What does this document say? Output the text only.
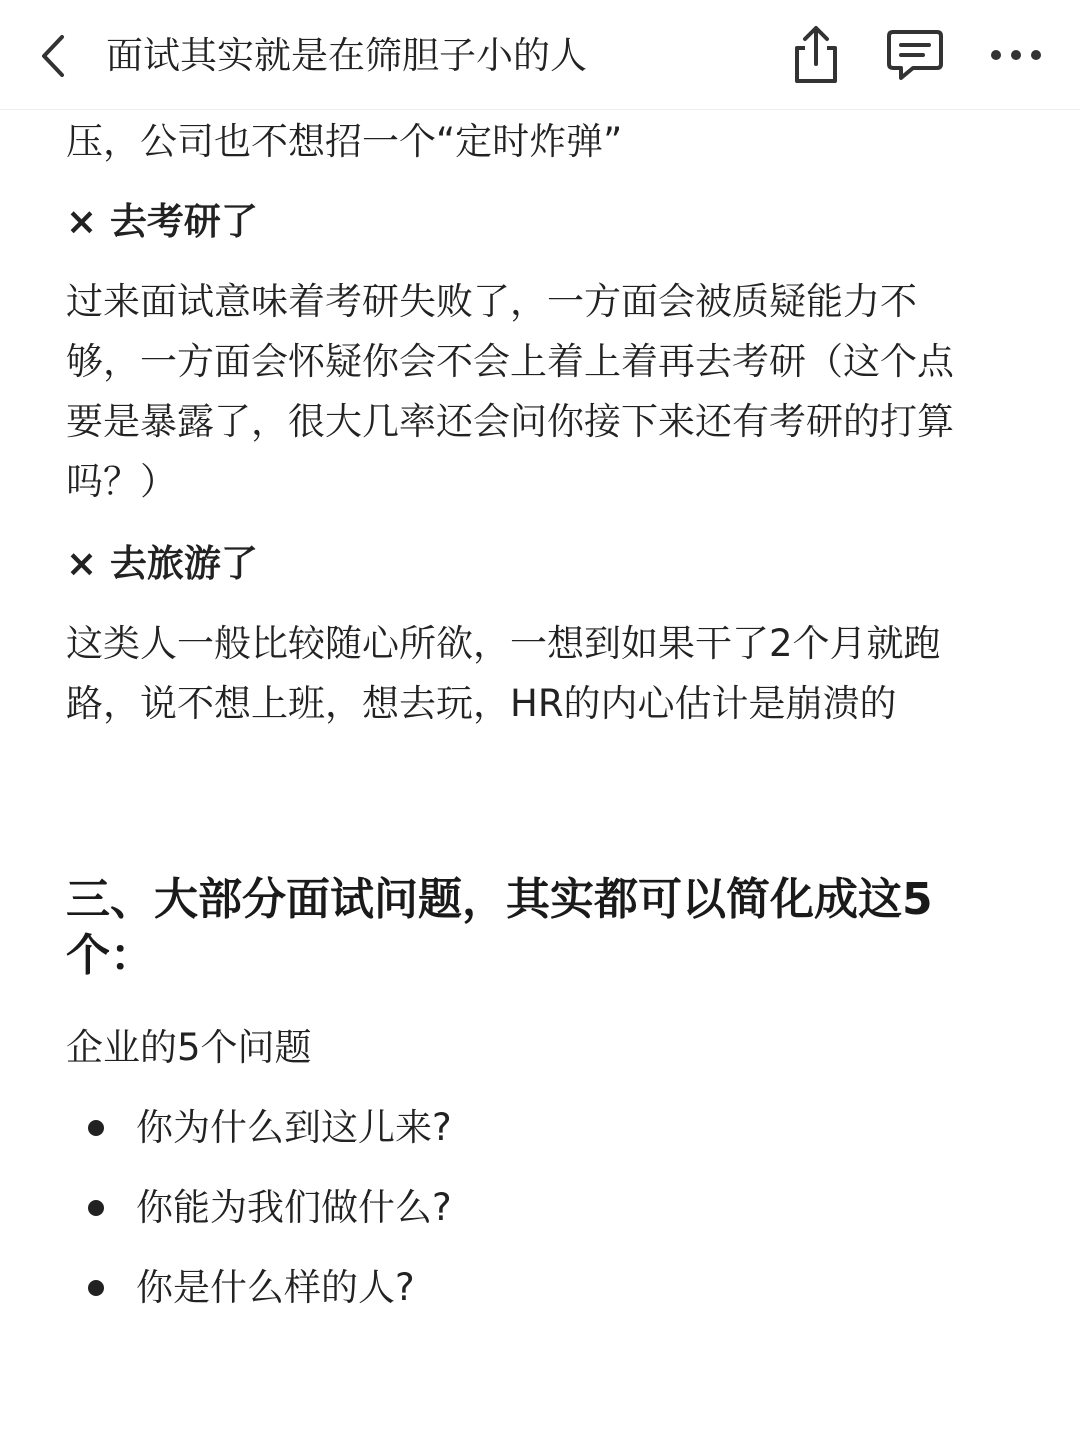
面试其实就是在筛胆子小的人

压，公司也不想招一个“定时炸弹”

× 去考研了

过来面试意味着考研失败了，一方面会被质疑能力不

够，一方面会怀疑你会不会上着上着再去考研（这个点

要是暴露了，很大几率还会问你接下来还有考研的打算

吗？）

× 去旅游了

这类人一般比较随心所欲，一想到如果干了2个月就跑

路，说不想上班，想去玩，HR的内心估计是崩溃的

三、大部分面试问题，其实都可以简化成这5个：

企业的5个问题

你为什么到这儿来?
你能为我们做什么?
你是什么样的人?
